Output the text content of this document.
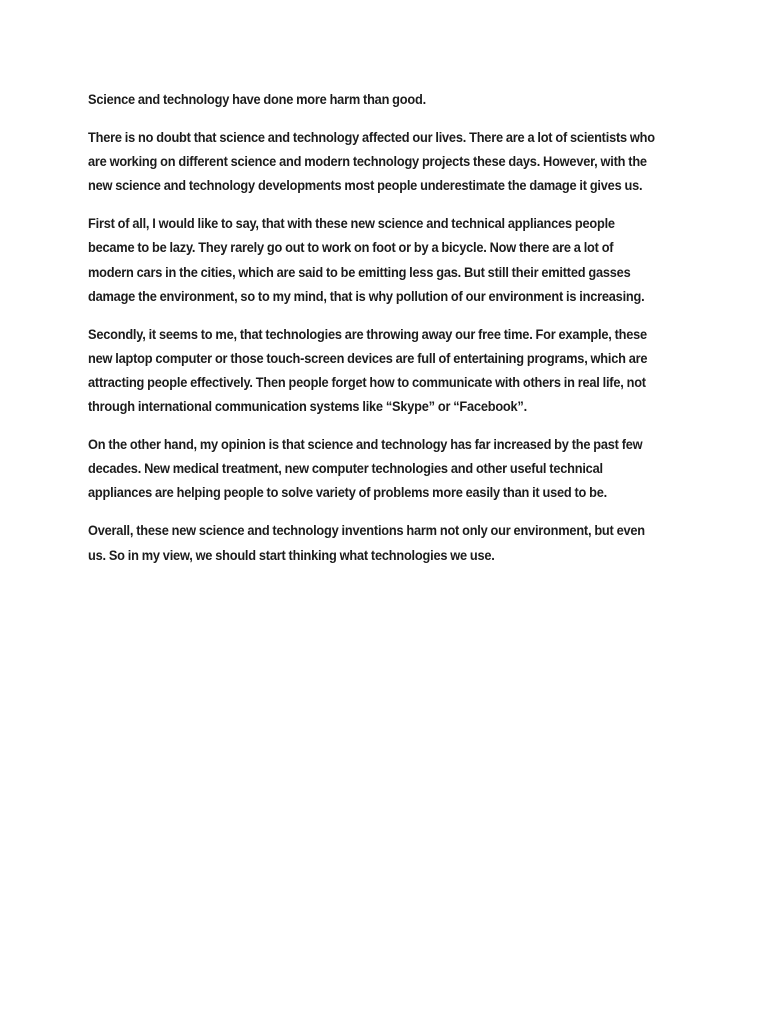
Science and technology have done more harm than good.

There is no doubt that science and technology affected our lives. There are a lot of scientists who are working on different science and modern technology projects these days. However, with the new science and technology developments most people underestimate the damage it gives us.

First of all, I would like to say, that with these new science and technical appliances people became to be lazy. They rarely go out to work on foot or by a bicycle. Now there are a lot of modern cars in the cities, which are said to be emitting less gas. But still their emitted gasses damage the environment, so to my mind, that is why pollution of our environment is increasing.

Secondly, it seems to me, that technologies are throwing away our free time. For example, these new laptop computer or those touch-screen devices are full of entertaining programs, which are attracting people effectively. Then people forget how to communicate with others in real life, not through international communication systems like “Skype” or “Facebook”.

On the other hand, my opinion is that science and technology has far increased by the past few decades. New medical treatment, new computer technologies and other useful technical appliances are helping people to solve variety of problems more easily than it used to be.

Overall, these new science and technology inventions harm not only our environment, but even us. So in my view, we should start thinking what technologies we use.
